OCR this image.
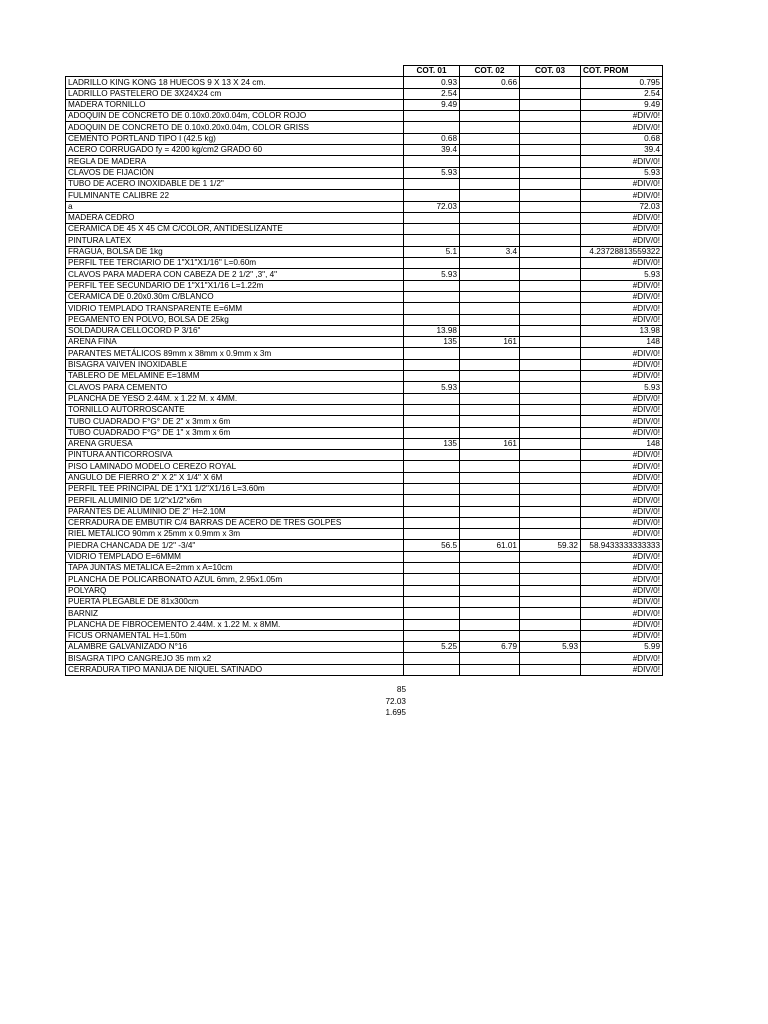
	COT. 01	COT. 02	COT. 03	COT. PROM
LADRILLO KING KONG 18 HUECOS 9 X 13 X 24 cm.	0.93	0.66		0.795
LADRILLO PASTELERO DE 3X24X24 cm	2.54			2.54
MADERA TORNILLO	9.49			9.49
ADOQUIN DE CONCRETO DE 0.10x0.20x0.04m, COLOR ROJO				#DIV/0!
ADOQUIN DE CONCRETO DE 0.10x0.20x0.04m, COLOR GRISS				#DIV/0!
CEMENTO PORTLAND TIPO I (42.5 kg)	0.68			0.68
ACERO CORRUGADO fy = 4200 kg/cm2 GRADO 60	39.4			39.4
REGLA DE MADERA				#DIV/0!
CLAVOS DE FIJACIÓN	5.93			5.93
TUBO DE ACERO INOXIDABLE DE 1 1/2"				#DIV/0!
FULMINANTE CALIBRE 22				#DIV/0!
a	72.03			72.03
MADERA CEDRO				#DIV/0!
CERAMICA DE 45 X 45 CM C/COLOR, ANTIDESLIZANTE				#DIV/0!
PINTURA LATEX				#DIV/0!
FRAGUA, BOLSA DE 1kg	5.1	3.4		4.23728813559322
PERFIL TEE TERCIARIO DE 1"X1"X1/16" L=0.60m				#DIV/0!
CLAVOS PARA MADERA CON CABEZA DE 2 1/2" ,3", 4"	5.93			5.93
PERFIL TEE SECUNDARIO DE 1"X1"X1/16 L=1.22m				#DIV/0!
CERAMICA DE 0.20x0.30m C/BLANCO				#DIV/0!
VIDRIO TEMPLADO TRANSPARENTE E=6MM				#DIV/0!
PEGAMENTO EN POLVO, BOLSA DE 25kg				#DIV/0!
SOLDADURA CELLOCORD P 3/16"	13.98			13.98
ARENA FINA	135	161		148
PARANTES METÁLICOS 89mm x 38mm x 0.9mm x 3m				#DIV/0!
BISAGRA VAIVEN INOXIDABLE				#DIV/0!
TABLERO DE MELAMINE E=18MM				#DIV/0!
CLAVOS PARA CEMENTO	5.93			5.93
PLANCHA DE YESO 2.44M. x 1.22 M. x 4MM.				#DIV/0!
TORNILLO AUTORROSCANTE				#DIV/0!
TUBO CUADRADO F°G° DE 2" x 3mm x 6m				#DIV/0!
TUBO CUADRADO F°G° DE 1" x 3mm x 6m				#DIV/0!
ARENA GRUESA	135	161		148
PINTURA ANTICORROSIVA				#DIV/0!
PISO LAMINADO MODELO CEREZO ROYAL				#DIV/0!
ANGULO DE FIERRO 2" X 2" X 1/4" X 6M				#DIV/0!
PERFIL TEE PRINCIPAL DE 1"X1 1/2"X1/16 L=3.60m				#DIV/0!
PERFIL ALUMINIO DE 1/2"x1/2"x6m				#DIV/0!
PARANTES DE ALUMINIO DE 2" H=2.10M				#DIV/0!
CERRADURA DE EMBUTIR C/4 BARRAS DE ACERO DE TRES GOLPES				#DIV/0!
RIEL METÁLICO 90mm x 25mm x 0.9mm x 3m				#DIV/0!
PIEDRA CHANCADA DE 1/2" -3/4"	56.5	61.01	59.32	58.9433333333333
VIDRIO TEMPLADO E=6MMM				#DIV/0!
TAPA JUNTAS METALICA E=2mm x A=10cm				#DIV/0!
PLANCHA DE POLICARBONATO AZUL 6mm, 2.95x1.05m				#DIV/0!
POLYARQ				#DIV/0!
PUERTA PLEGABLE DE 81x300cm				#DIV/0!
BARNIZ				#DIV/0!
PLANCHA DE FIBROCEMENTO 2.44M. x 1.22 M. x 8MM.				#DIV/0!
FICUS ORNAMENTAL H=1.50m				#DIV/0!
ALAMBRE GALVANIZADO N°16	5.25	6.79	5.93	5.99
BISAGRA TIPO CANGREJO 35 mm x2				#DIV/0!
CERRADURA TIPO MANIJA DE NIQUEL SATINADO				#DIV/0!
85
72.03
1.695
